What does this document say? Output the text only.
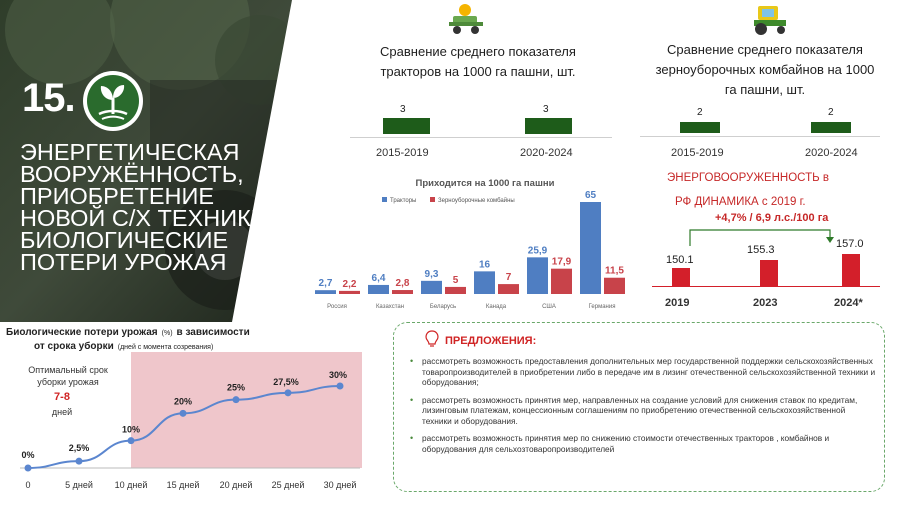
15.
ЭНЕРГЕТИЧЕСКАЯ ВООРУЖЁННОСТЬ, ПРИОБРЕТЕНИЕ НОВОЙ С/Х ТЕХНИКИ И БИОЛОГИЧЕСКИЕ ПОТЕРИ УРОЖАЯ
Сравнение среднего показателя тракторов на 1000 га пашни, шт.
3	3
2015-2019	2020-2024
Сравнение среднего показателя зерноуборочных комбайнов на 1000 га пашни, шт.
2	2
2015-2019	2020-2024
Приходится на 1000 га пашни
Тракторы	Зерноуборочные комбайны
2,7 2,2
Россия
6,4 2,8
Казахстан
9,3
5
Беларусь
16
7
Канада
25,9
17,9
США
65
11,5
Германия
ЭНЕРГОВООРУЖЕННОСТЬ в
РФ ДИНАМИКА с 2019 г.
+4,7% / 6,9 л.с./100 га
150.1
155.3	157.0
2019	2023	2024*
Биологические потери урожая (%) в зависимости
от срока уборки (дней с момента созревания)
Оптимальный срок
уборки урожая
7-8
дней
0%
0
2,5%
5 дней
10%
10 дней
20%
15 дней
25%
20 дней
27,5%
25 дней
30%
30 дней
ПРЕДЛОЖЕНИЯ:
• рассмотреть возможность предоставления дополнительных мер государственной поддержки сельскохозяйственных товаропроизводителей в приобретении либо в передаче им в лизинг отечественной сельскохозяйственной техники и оборудования;
• рассмотреть возможность принятия мер, направленных на создание условий для снижения ставок по кредитам, лизинговым платежам, концессионным соглашениям по приобретению отечественной сельскохозяйственной техники и оборудования.
• рассмотреть возможность принятия мер по снижению стоимости отечественных тракторов , комбайнов и оборудования для сельхозтоваропроизводителей
